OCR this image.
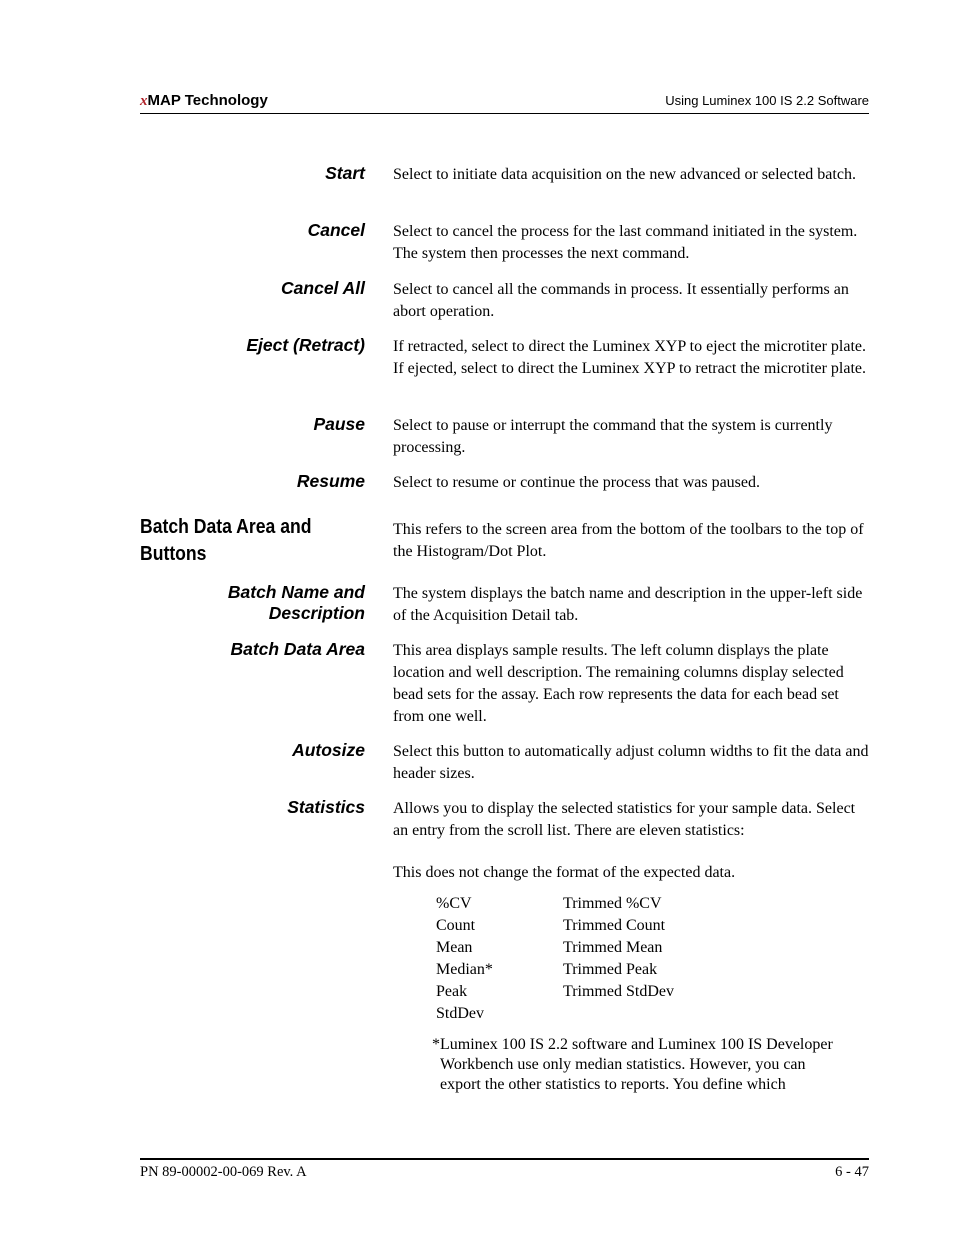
xMAP Technology	Using Luminex 100 IS 2.2 Software
Start Select to initiate data acquisition on the new advanced or selected batch.
Cancel Select to cancel the process for the last command initiated in the system. The system then processes the next command.
Cancel All Select to cancel all the commands in process. It essentially performs an abort operation.
Eject (Retract) If retracted, select to direct the Luminex XYP to eject the microtiter plate. If ejected, select to direct the Luminex XYP to retract the microtiter plate.
Pause Select to pause or interrupt the command that the system is currently processing.
Resume Select to resume or continue the process that was paused.
Batch Data Area and Buttons
This refers to the screen area from the bottom of the toolbars to the top of the Histogram/Dot Plot.
Batch Name and
Description
The system displays the batch name and description in the upper-left side of the Acquisition Detail tab.
Batch Data Area This area displays sample results. The left column displays the plate location and well description. The remaining columns display selected bead sets for the assay. Each row represents the data for each bead set from one well.
Autosize Select this button to automatically adjust column widths to fit the data and header sizes.
Statistics Allows you to display the selected statistics for your sample data. Select an entry from the scroll list. There are eleven statistics:
This does not change the format of the expected data.
%CV	Trimmed %CV
Count	Trimmed Count
Mean	Trimmed Mean
Median*	Trimmed Peak
Peak	Trimmed StdDev
StdDev
*Luminex 100 IS 2.2 software and Luminex 100 IS Developer
Workbench use only median statistics. However, you can
export the other statistics to reports. You define which
PN 89-00002-00-069 Rev. A	6 - 47
